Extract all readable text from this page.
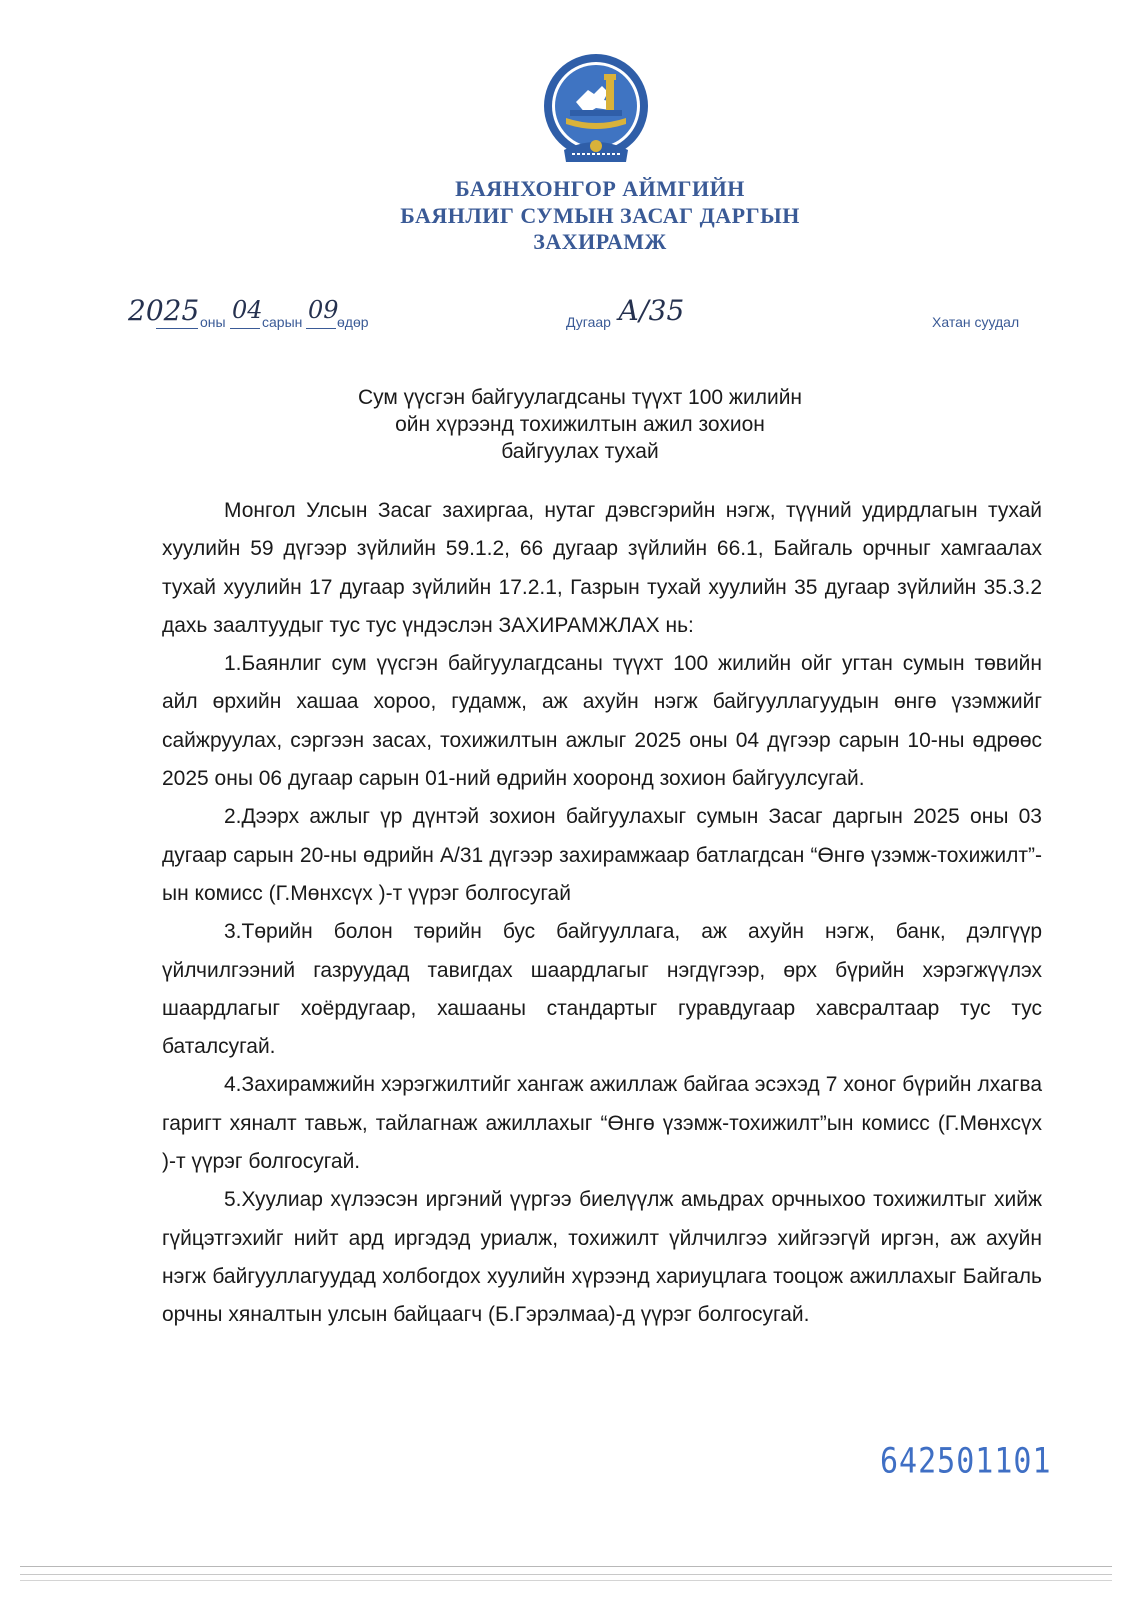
БАЯНХОНГОР АЙМГИЙН
БАЯНЛИГ СУМЫН ЗАСАГ ДАРГЫН
ЗАХИРАМЖ
2025 оны 04 сарын 09
өдөр	Дугаар А/35	Хатан суудал
Сум үүсгэн байгуулагдсаны түүхт 100 жилийн
ойн хүрээнд тохижилтын ажил зохион
байгуулах тухай

Монгол Улсын Засаг захиргаа, нутаг дэвсгэрийн нэгж, түүний удирдлагын тухай хуулийн 59 дүгээр зүйлийн 59.1.2, 66 дугаар зүйлийн 66.1, Байгаль орчныг хамгаалах тухай хуулийн 17 дугаар зүйлийн 17.2.1, Газрын тухай хуулийн 35 дугаар зүйлийн 35.3.2 дахь заалтуудыг тус тус үндэслэн ЗАХИРАМЖЛАХ нь:

1.Баянлиг сум үүсгэн байгуулагдсаны түүхт 100 жилийн ойг угтан сумын төвийн айл өрхийн хашаа хороо, гудамж, аж ахуйн нэгж байгууллагуудын өнгө үзэмжийг сайжруулах, сэргээн засах, тохижилтын ажлыг 2025 оны 04 дүгээр сарын 10-ны өдрөөс 2025 оны 06 дугаар сарын 01-ний өдрийн хооронд зохион байгуулсугай.

2.Дээрх ажлыг үр дүнтэй зохион байгуулахыг сумын Засаг даргын 2025 оны 03 дугаар сарын 20-ны өдрийн А/31 дүгээр захирамжаар батлагдсан “Өнгө үзэмж-тохижилт”-ын комисс (Г.Мөнхсүх )-т үүрэг болгосугай

3.Төрийн болон төрийн бус байгууллага, аж ахуйн нэгж, банк, дэлгүүр үйлчилгээний газруудад тавигдах шаардлагыг нэгдүгээр, өрх бүрийн хэрэгжүүлэх шаардлагыг хоёрдугаар, хашааны стандартыг гуравдугаар хавсралтаар тус тус баталсугай.

4.Захирамжийн хэрэгжилтийг хангаж ажиллаж байгаа эсэхэд 7 хоног бүрийн лхагва гаригт хяналт тавьж, тайлагнаж ажиллахыг “Өнгө үзэмж-тохижилт”ын комисс (Г.Мөнхсүх )-т үүрэг болгосугай.

5.Хуулиар хүлээсэн иргэний үүргээ биелүүлж амьдрах орчныхоо тохижилтыг хийж гүйцэтгэхийг нийт ард иргэдэд уриалж, тохижилт үйлчилгээ хийгээгүй иргэн, аж ахуйн нэгж байгууллагуудад холбогдох хуулийн хүрээнд хариуцлага тооцож ажиллахыг Байгаль орчны хяналтын улсын байцаагч (Б.Гэрэлмаа)-д үүрэг болгосугай.

642501101
